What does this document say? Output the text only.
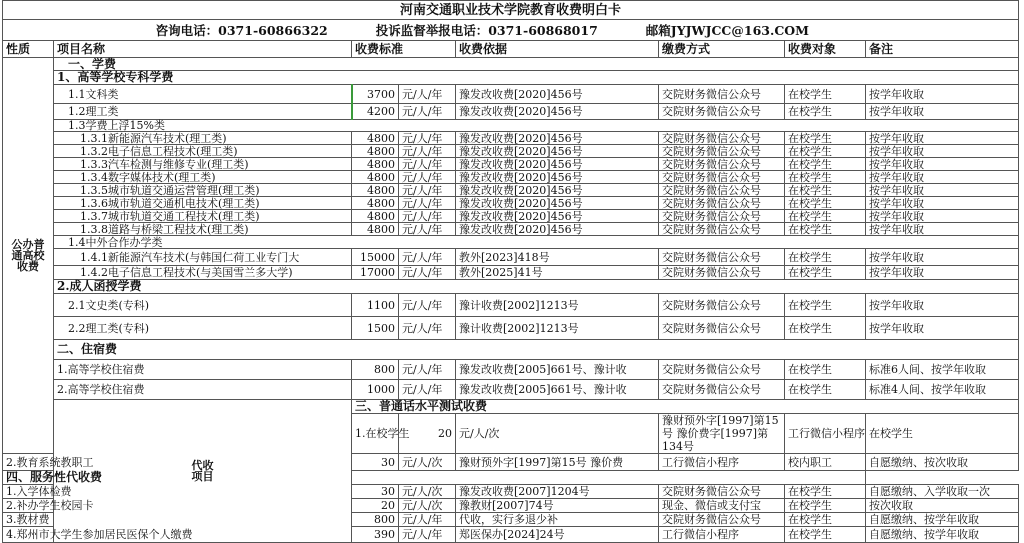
河南交通职业技术学院教育收费明白卡								

咨询电话：0371-60866322 投诉监督举报电话：0371-60868017 邮箱JYJWJCC@163.COM								

性质	项目名称	收费标准		收费依据	缴费方式	收费对象	备注	
公办普通高校收费	一、学费							
	1、高等学校专科学费							
	1.1文科类	3700	元/人/年	豫发改收费[2020]456号	交院财务微信公众号	在校学生	按学年收取	
	1.2理工类	4200	元/人/年	豫发改收费[2020]456号	交院财务微信公众号	在校学生	按学年收取	
	1.3学费上浮15%类							
	1.3.1新能源汽车技术(理工类)	4800	元/人/年	豫发改收费[2020]456号	交院财务微信公众号	在校学生	按学年收取	
	1.3.2电子信息工程技术(理工类)	4800	元/人/年	豫发改收费[2020]456号	交院财务微信公众号	在校学生	按学年收取	
	1.3.3汽车检测与维修专业(理工类)	4800	元/人/年	豫发改收费[2020]456号	交院财务微信公众号	在校学生	按学年收取	
	1.3.4数字媒体技术(理工类)	4800	元/人/年	豫发改收费[2020]456号	交院财务微信公众号	在校学生	按学年收取	
	1.3.5城市轨道交通运营管理(理工类)	4800	元/人/年	豫发改收费[2020]456号	交院财务微信公众号	在校学生	按学年收取	
	1.3.6城市轨道交通机电技术(理工类)	4800	元/人/年	豫发改收费[2020]456号	交院财务微信公众号	在校学生	按学年收取	
	1.3.7城市轨道交通工程技术(理工类)	4800	元/人/年	豫发改收费[2020]456号	交院财务微信公众号	在校学生	按学年收取	
	1.3.8道路与桥梁工程技术(理工类)	4800	元/人/年	豫发改收费[2020]456号	交院财务微信公众号	在校学生	按学年收取	
	1.4中外合作办学类							
	1.4.1新能源汽车技术(与韩国仁荷工业专门大	15000	元/人/年	教外[2023]418号	交院财务微信公众号	在校学生	按学年收取	
	1.4.2电子信息工程技术(与美国雪兰多大学)	17000	元/人/年	教外[2025]41号	交院财务微信公众号	在校学生	按学年收取	
	2.成人函授学费							
	2.1文史类(专科)	1100	元/人/年	豫计收费[2002]1213号	交院财务微信公众号	在校学生	按学年收取	
	2.2理工类(专科)	1500	元/人/年	豫计收费[2002]1213号	交院财务微信公众号	在校学生	按学年收取	
	二、住宿费							
	1.高等学校住宿费	800	元/人/年	豫发改收费[2005]661号、豫计收	交院财务微信公众号	在校学生	标准6人间、按学年收取	
	2.高等学校住宿费	1000	元/人/年	豫发改收费[2005]661号、豫计收	交院财务微信公众号	在校学生	标准4人间、按学年收取	
	代收项目	三、普通话水平测试收费						
		1.在校学生	20	元/人/次	豫财预外字[1997]第15号 豫价费字[1997]第134号	工行微信小程序	在校学生	
2.教育系统教职工		30	元/人/次	豫财预外字[1997]第15号 豫价费	工行微信小程序	校内职工	自愿缴纳、按次收取	
四、服务性代收费								
1.入学体检费		30	元/人/次	豫发改收费[2007]1204号	交院财务微信公众号	在校学生	自愿缴纳、入学收取一次	
2.补办学生校园卡		20	元/人/次	豫教财[2007]74号	现金、微信或支付宝	在校学生	按次收取	
3.教材费		800	元/人/年	代收，实行多退少补	交院财务微信公众号	在校学生	自愿缴纳、按学年收取	
4.郑州市大学生参加居民医保个人缴费		390	元/人/年	郑医保办[2024]24号	工行微信小程序	在校学生	自愿缴纳、按学年收取	
